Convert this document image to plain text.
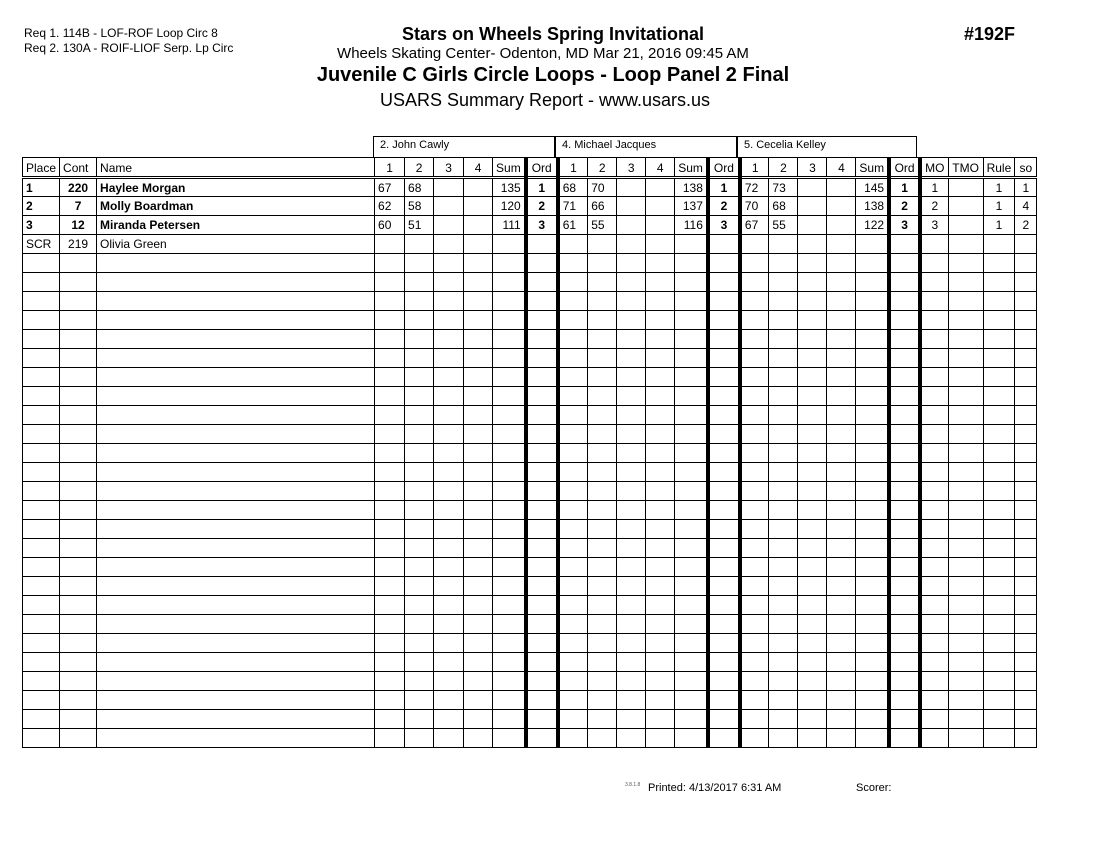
Req 1. 114B - LOF-ROF Loop Circ 8
Req 2. 130A - ROIF-LIOF Serp. Lp Circ
Stars on Wheels Spring Invitational
Wheels Skating Center- Odenton, MD Mar 21, 2016 09:45 AM
Juvenile C Girls Circle Loops - Loop Panel 2 Final
USARS Summary Report - www.usars.us
#192F
2. John Cawly	4. Michael Jacques	5. Cecelia Kelley
Place	Cont	Name	1	2	3	4	Sum	Ord	1	2	3	4	Sum	Ord	1	2	3	4	Sum	Ord	MO	TMO	Rule	so
1	220	Haylee Morgan	67	68			135	1	68	70			138	1	72	73			145	1	1		1	1
2	7	Molly Boardman	62	58			120	2	71	66			137	2	70	68			138	2	2		1	4
3	12	Miranda Petersen	60	51			111	3	61	55			116	3	67	55			122	3	3		1	2
SCR	219	Olivia Green																						

3.8.1.8 Printed: 4/13/2017 6:31 AM	Scorer:
